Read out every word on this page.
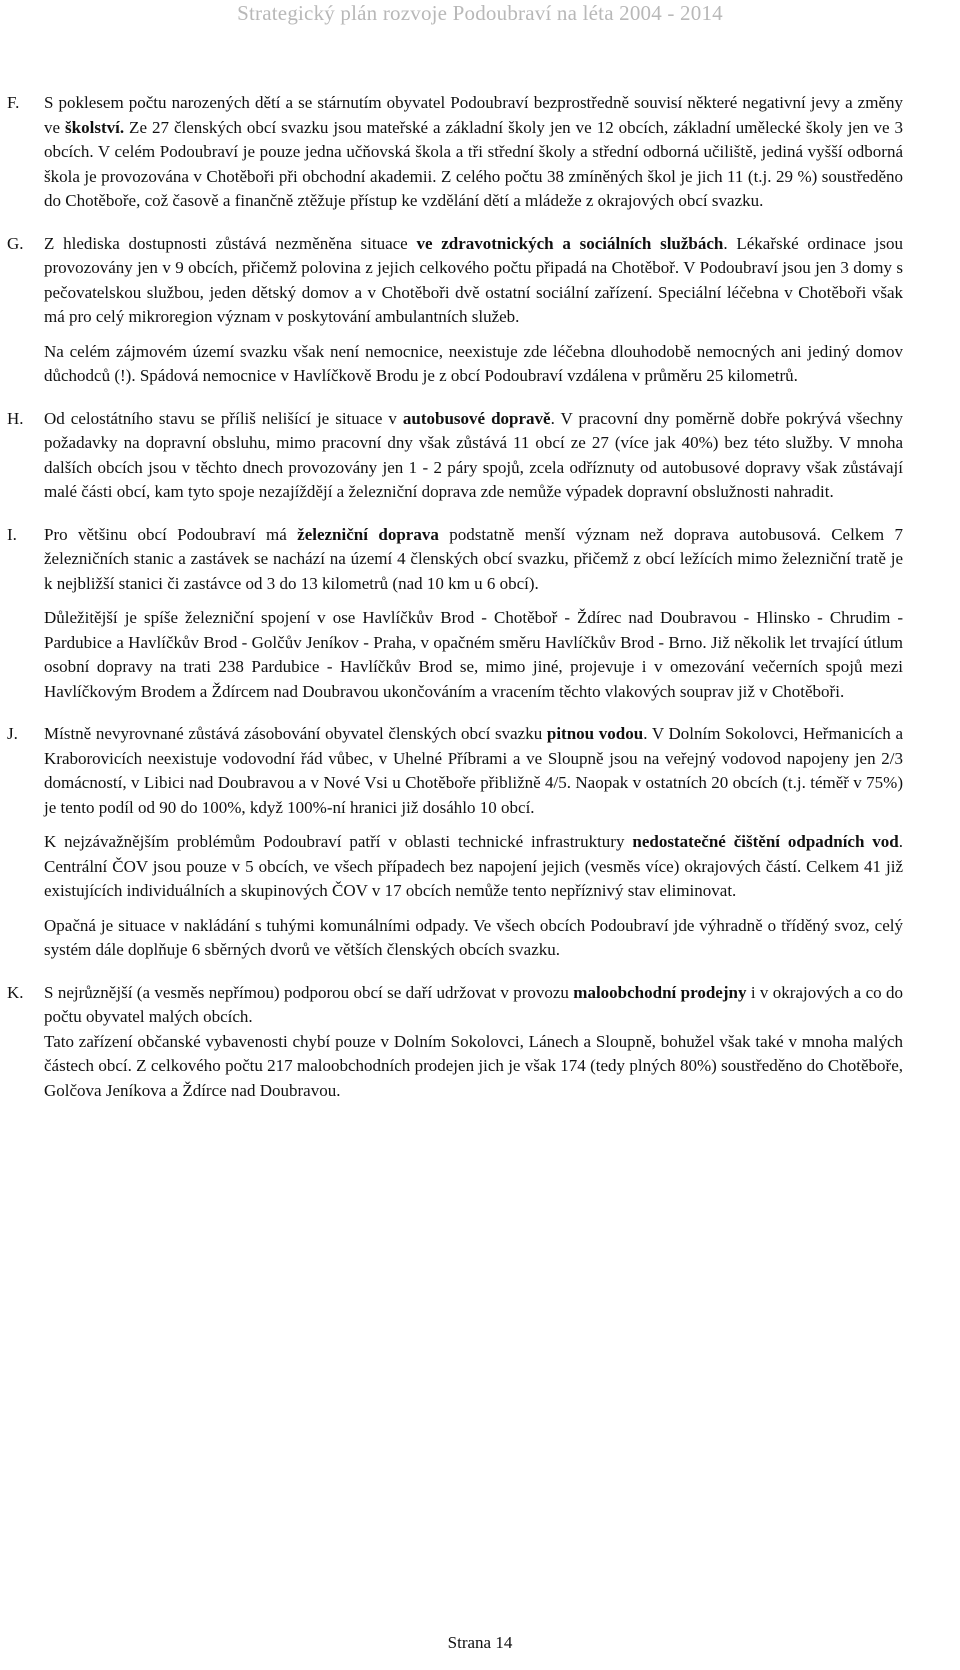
Strategický plán rozvoje Podoubraví na léta 2004 - 2014
F.	S poklesem počtu narozených dětí a se stárnutím obyvatel Podoubraví bezprostředně souvisí některé negativní jevy a změny ve školství. Ze 27 členských obcí svazku jsou mateřské a základní školy jen ve 12 obcích, základní umělecké školy jen ve 3 obcích. V celém Podoubraví je pouze jedna učňovská škola a tři střední školy a střední odborná učiliště, jediná vyšší odborná škola je provozována v Chotěboři při obchodní akademii. Z celého počtu 38 zmíněných škol je jich 11 (t.j. 29 %) soustředěno do Chotěboře, což časově a finančně ztěžuje přístup ke vzdělání dětí a mládeže z okrajových obcí svazku.

G.	Z hlediska dostupnosti zůstává nezměněna situace ve zdravotnických a sociálních službách. Lékařské ordinace jsou provozovány jen v 9 obcích, přičemž polovina z jejich celkového počtu připadá na Chotěboř. V Podoubraví jsou jen 3 domy s pečovatelskou službou, jeden dětský domov a v Chotěboři dvě ostatní sociální zařízení. Speciální léčebna v Chotěboři však má pro celý mikroregion význam v poskytování ambulantních služeb.

Na celém zájmovém území svazku však není nemocnice, neexistuje zde léčebna dlouhodobě nemocných ani jediný domov důchodců (!). Spádová nemocnice v Havlíčkově Brodu je z obcí Podoubraví vzdálena v průměru 25 kilometrů.

H.	Od celostátního stavu se příliš nelišící je situace v autobusové dopravě. V pracovní dny poměrně dobře pokrývá všechny požadavky na dopravní obsluhu, mimo pracovní dny však zůstává 11 obcí ze 27 (více jak 40%) bez této služby. V mnoha dalších obcích jsou v těchto dnech provozovány jen 1 - 2 páry spojů, zcela odříznuty od autobusové dopravy však zůstávají malé části obcí, kam tyto spoje nezajíždějí a železniční doprava zde nemůže výpadek dopravní obslužnosti nahradit.

I.	Pro většinu obcí Podoubraví má železniční doprava podstatně menší význam než doprava autobusová. Celkem 7 železničních stanic a zastávek se nachází na území 4 členských obcí svazku, přičemž z obcí ležících mimo železniční tratě je k nejbližší stanici či zastávce od 3 do 13 kilometrů (nad 10 km u 6 obcí).

Důležitější je spíše železniční spojení v ose Havlíčkův Brod - Chotěboř - Ždírec nad Doubravou - Hlinsko - Chrudim - Pardubice a Havlíčkův Brod - Golčův Jeníkov - Praha, v opačném směru Havlíčkův Brod - Brno. Již několik let trvající útlum osobní dopravy na trati 238 Pardubice - Havlíčkův Brod se, mimo jiné, projevuje i v omezování večerních spojů mezi Havlíčkovým Brodem a Ždírcem nad Doubravou ukončováním a vracením těchto vlakových souprav již v Chotěboři.

J.	Místně nevyrovnané zůstává zásobování obyvatel členských obcí svazku pitnou vodou. V Dolním Sokolovci, Heřmanicích a Kraborovicích neexistuje vodovodní řád vůbec, v Uhelné Příbrami a ve Sloupně jsou na veřejný vodovod napojeny jen 2/3 domácností, v Libici nad Doubravou a v Nové Vsi u Chotěboře přibližně 4/5. Naopak v ostatních 20 obcích (t.j. téměř v 75%) je tento podíl od 90 do 100%, když 100%-ní hranici již dosáhlo 10 obcí.

K nejzávažnějším problémům Podoubraví patří v oblasti technické infrastruktury nedostatečné čištění odpadních vod. Centrální ČOV jsou pouze v 5 obcích, ve všech případech bez napojení jejich (vesměs více) okrajových částí. Celkem 41 již existujících individuálních a skupinových ČOV v 17 obcích nemůže tento nepříznivý stav eliminovat.

Opačná je situace v nakládání s tuhými komunálními odpady. Ve všech obcích Podoubraví jde výhradně o tříděný svoz, celý systém dále doplňuje 6 sběrných dvorů ve větších členských obcích svazku.

K.	S nejrůznější (a vesměs nepřímou) podporou obcí se daří udržovat v provozu maloobchodní prodejny i v okrajových a co do počtu obyvatel malých obcích.

Tato zařízení občanské vybavenosti chybí pouze v Dolním Sokolovci, Lánech a Sloupně, bohužel však také v mnoha malých částech obcí. Z celkového počtu 217 maloobchodních prodejen jich je však 174 (tedy plných 80%) soustředěno do Chotěboře, Golčova Jeníkova a Ždírce nad Doubravou.

Strana 14
